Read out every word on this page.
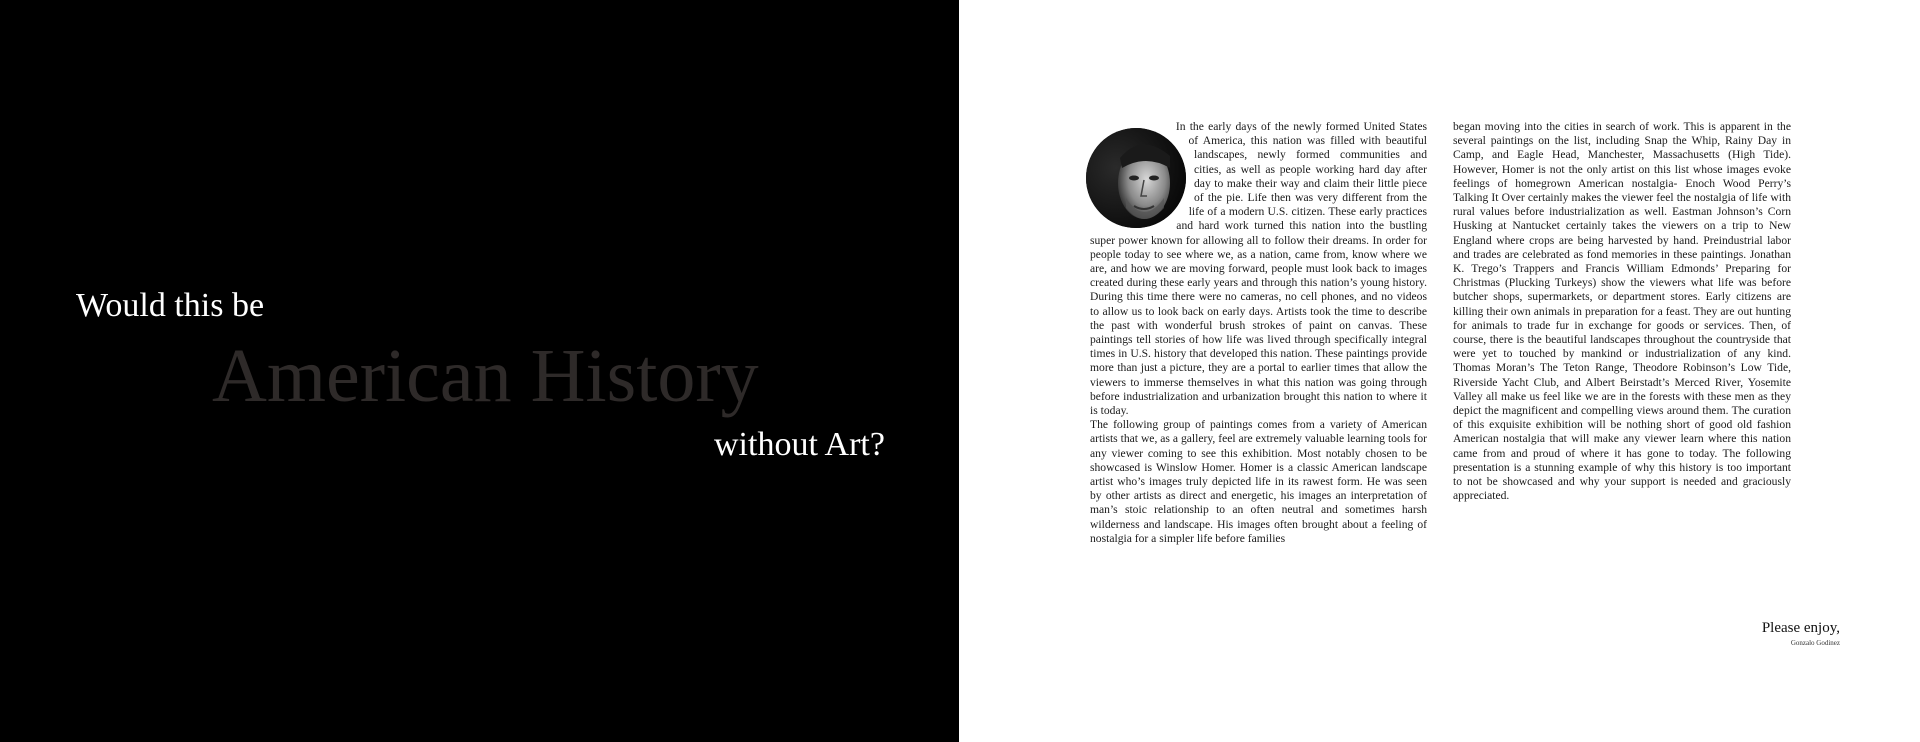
Would this be
American History
without Art?

In the early days of the newly formed United States of America, this nation was filled with beautiful landscapes, newly formed communities and cities, as well as people working hard day after day to make their way and claim their little piece of the pie. Life then was very different from the life of a modern U.S. citizen. These early practices and hard work turned this nation into the bustling super power known for allowing all to follow their dreams. In order for people today to see where we, as a nation, came from, know where we are, and how we are moving forward, people must look back to images created during these early years and through this nation’s young history. During this time there were no cameras, no cell phones, and no videos to allow us to look back on early days. Artists took the time to describe the past with wonderful brush strokes of paint on canvas. These paintings tell stories of how life was lived through specifically integral times in U.S. history that developed this nation. These paintings provide more than just a picture, they are a portal to earlier times that allow the viewers to immerse themselves in what this nation was going through before industrialization and urbanization brought this nation to where it is today.

The following group of paintings comes from a variety of American artists that we, as a gallery, feel are extremely valuable learning tools for any viewer coming to see this exhibition. Most notably chosen to be showcased is Winslow Homer. Homer is a classic American landscape artist who’s images truly depicted life in its rawest form. He was seen by other artists as direct and energetic, his images an interpretation of man’s stoic relationship to an often neutral and sometimes harsh wilderness and landscape. His images often brought about a feeling of nostalgia for a simpler life before families

began moving into the cities in search of work. This is apparent in the several paintings on the list, including Snap the Whip, Rainy Day in Camp, and Eagle Head, Manchester, Massachusetts (High Tide). However, Homer is not the only artist on this list whose images evoke feelings of homegrown American nostalgia- Enoch Wood Perry’s Talking It Over certainly makes the viewer feel the nostalgia of life with rural values before industrialization as well. Eastman Johnson’s Corn Husking at Nantucket certainly takes the viewers on a trip to New England where crops are being harvested by hand. Preindustrial labor and trades are celebrated as fond memories in these paintings. Jonathan K. Trego’s Trappers and Francis William Edmonds’ Preparing for Christmas (Plucking Turkeys) show the viewers what life was before butcher shops, supermarkets, or department stores. Early citizens are killing their own animals in preparation for a feast. They are out hunting for animals to trade fur in exchange for goods or services. Then, of course, there is the beautiful landscapes throughout the countryside that were yet to touched by mankind or industrialization of any kind. Thomas Moran’s The Teton Range, Theodore Robinson’s Low Tide, Riverside Yacht Club, and Albert Beirstadt’s Merced River, Yosemite Valley all make us feel like we are in the forests with these men as they depict the magnificent and compelling views around them. The curation of this exquisite exhibition will be nothing short of good old fashion American nostalgia that will make any viewer learn where this nation came from and proud of where it has gone to today. The following presentation is a stunning example of why this history is too important to not be showcased and why your support is needed and graciously appreciated.

Please enjoy,
Gonzalo Godinez
